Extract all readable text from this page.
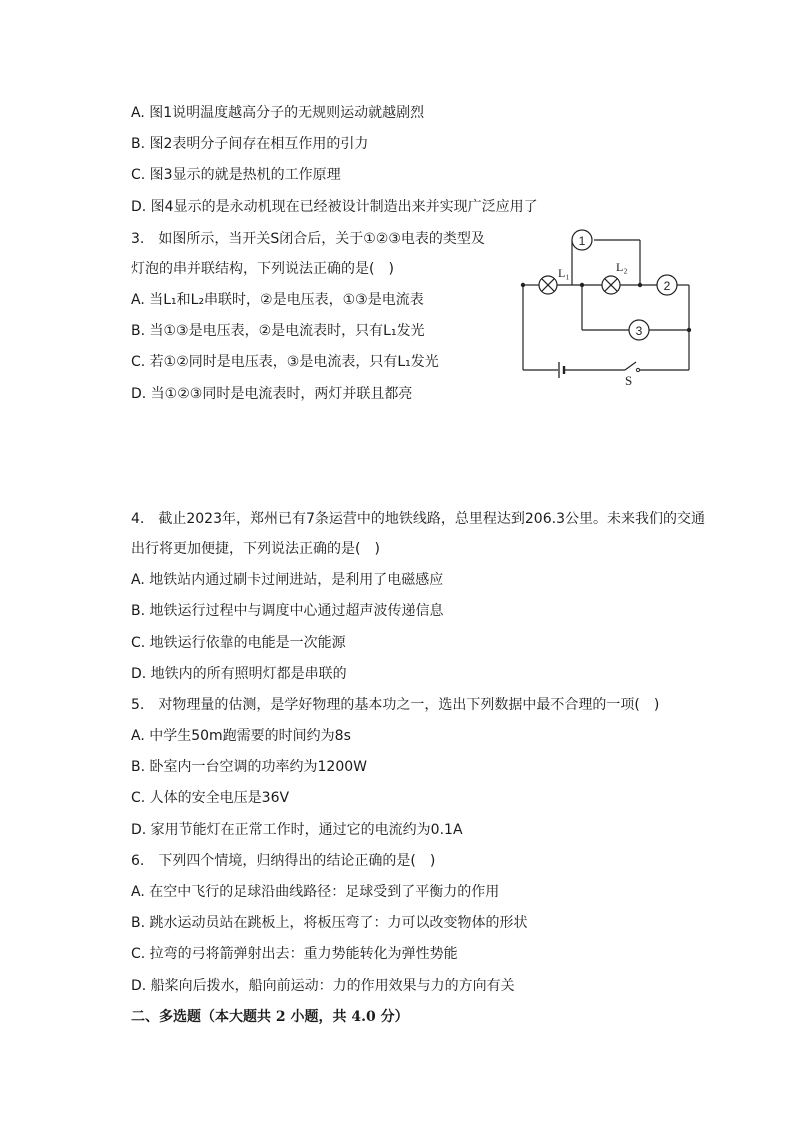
A. 图1说明温度越高分子的无规则运动就越剧烈
B. 图2表明分子间存在相互作用的引力
C. 图3显示的就是热机的工作原理
D. 图4显示的是永动机现在已经被设计制造出来并实现广泛应用了
3.　如图所示，当开关S闭合后，关于①②③电表的类型及
灯泡的串并联结构，下列说法正确的是(　)
A. 当L₁和L₂串联时，②是电压表，①③是电流表
B. 当①③是电压表，②是电流表时，只有L₁发光
C. 若①②同时是电压表，③是电流表，只有L₁发光
D. 当①②③同时是电流表时，两灯并联且都亮
S
L₁	L₂
1
2
3
4.　截止2023年，郑州已有7条运营中的地铁线路，总里程达到206.3公里。未来我们的交通
出行将更加便捷，下列说法正确的是(　)
A. 地铁站内通过刷卡过闸进站，是利用了电磁感应
B. 地铁运行过程中与调度中心通过超声波传递信息
C. 地铁运行依靠的电能是一次能源
D. 地铁内的所有照明灯都是串联的
5.　对物理量的估测，是学好物理的基本功之一，选出下列数据中最不合理的一项(　)
A. 中学生50m跑需要的时间约为8s
B. 卧室内一台空调的功率约为1200W
C. 人体的安全电压是36V
D. 家用节能灯在正常工作时，通过它的电流约为0.1A
6.　下列四个情境，归纳得出的结论正确的是(　)
A. 在空中飞行的足球沿曲线路径：足球受到了平衡力的作用
B. 跳水运动员站在跳板上，将板压弯了：力可以改变物体的形状
C. 拉弯的弓将箭弹射出去：重力势能转化为弹性势能
D. 船桨向后拨水，船向前运动：力的作用效果与力的方向有关
二、多选题（本大题共 2 小题，共 4.0 分）
